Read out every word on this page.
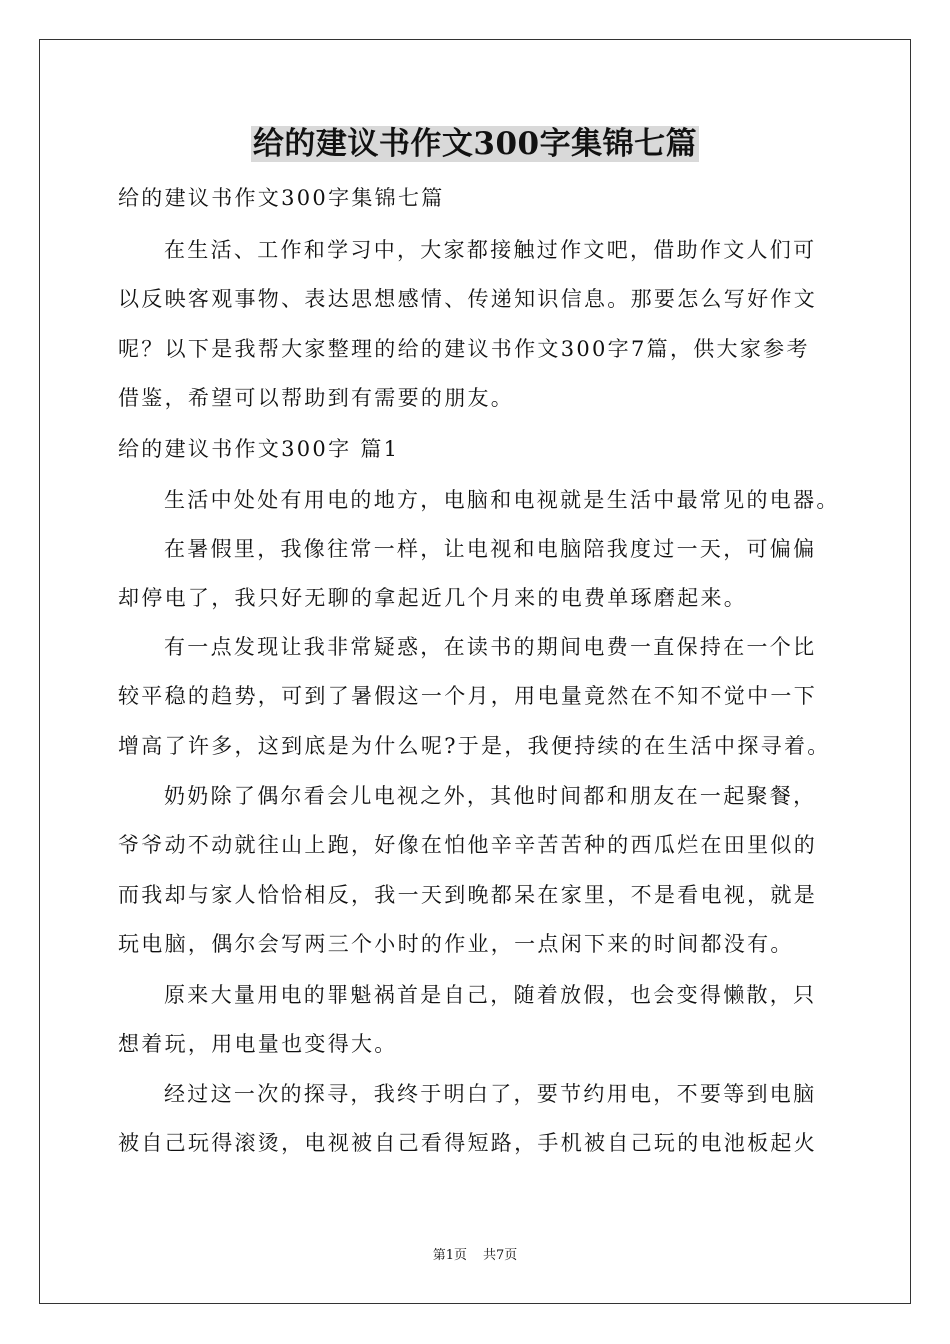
给的建议书作文300字集锦七篇
给的建议书作文300字集锦七篇
在生活、工作和学习中，大家都接触过作文吧，借助作文人们可
以反映客观事物、表达思想感情、传递知识信息。那要怎么写好作文
呢？以下是我帮大家整理的给的建议书作文300字7篇，供大家参考
借鉴，希望可以帮助到有需要的朋友。
给的建议书作文300字 篇1
生活中处处有用电的地方，电脑和电视就是生活中最常见的电器。
在暑假里，我像往常一样，让电视和电脑陪我度过一天，可偏偏
却停电了，我只好无聊的拿起近几个月来的电费单琢磨起来。
有一点发现让我非常疑惑，在读书的期间电费一直保持在一个比
较平稳的趋势，可到了暑假这一个月，用电量竟然在不知不觉中一下
增高了许多，这到底是为什么呢?于是，我便持续的在生活中探寻着。
奶奶除了偶尔看会儿电视之外，其他时间都和朋友在一起聚餐，
爷爷动不动就往山上跑，好像在怕他辛辛苦苦种的西瓜烂在田里似的
而我却与家人恰恰相反，我一天到晚都呆在家里，不是看电视，就是
玩电脑，偶尔会写两三个小时的作业，一点闲下来的时间都没有。
原来大量用电的罪魁祸首是自己，随着放假，也会变得懒散，只
想着玩，用电量也变得大。
经过这一次的探寻，我终于明白了，要节约用电，不要等到电脑
被自己玩得滚烫，电视被自己看得短路，手机被自己玩的电池板起火
第1页 共7页
